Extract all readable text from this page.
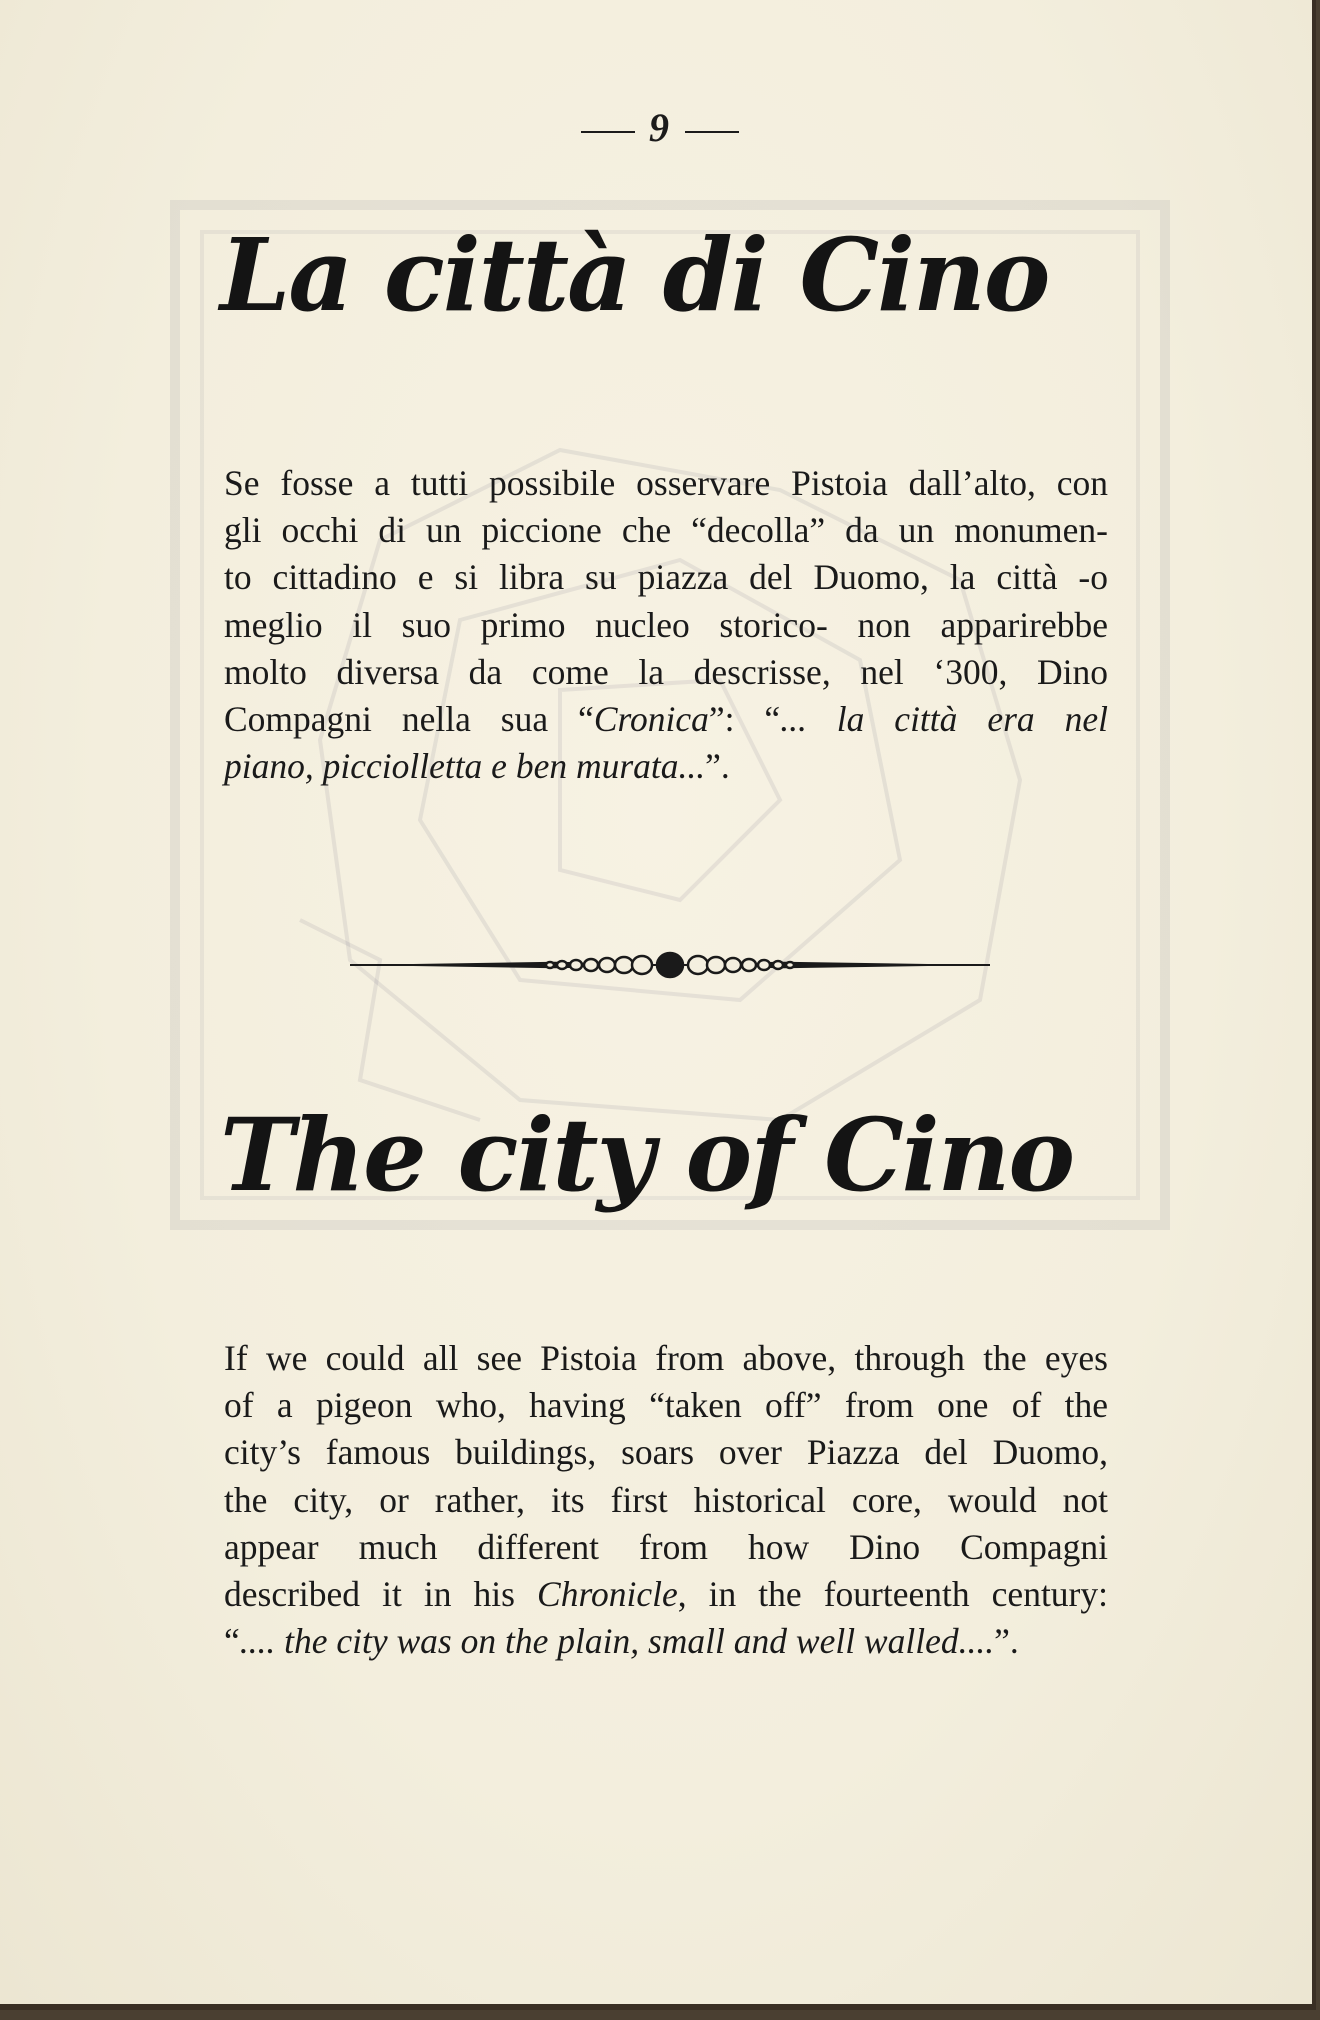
9
La città di Cino
Se fosse a tutti possibile osservare Pistoia dall’alto, con
gli occhi di un piccione che “decolla” da un monumen-
to cittadino e si libra su piazza del Duomo, la città -o
meglio il suo primo nucleo storico- non apparirebbe
molto diversa da come la descrisse, nel ‘300, Dino
Compagni nella sua “Cronica”: “... la città era nel
piano, picciolletta e ben murata...”.
The city of Cino
If we could all see Pistoia from above, through the eyes
of a pigeon who, having “taken off” from one of the
city’s famous buildings, soars over Piazza del Duomo,
the city, or rather, its first historical core, would not
appear much different from how Dino Compagni
described it in his Chronicle, in the fourteenth century:
“.... the city was on the plain, small and well walled....”.
